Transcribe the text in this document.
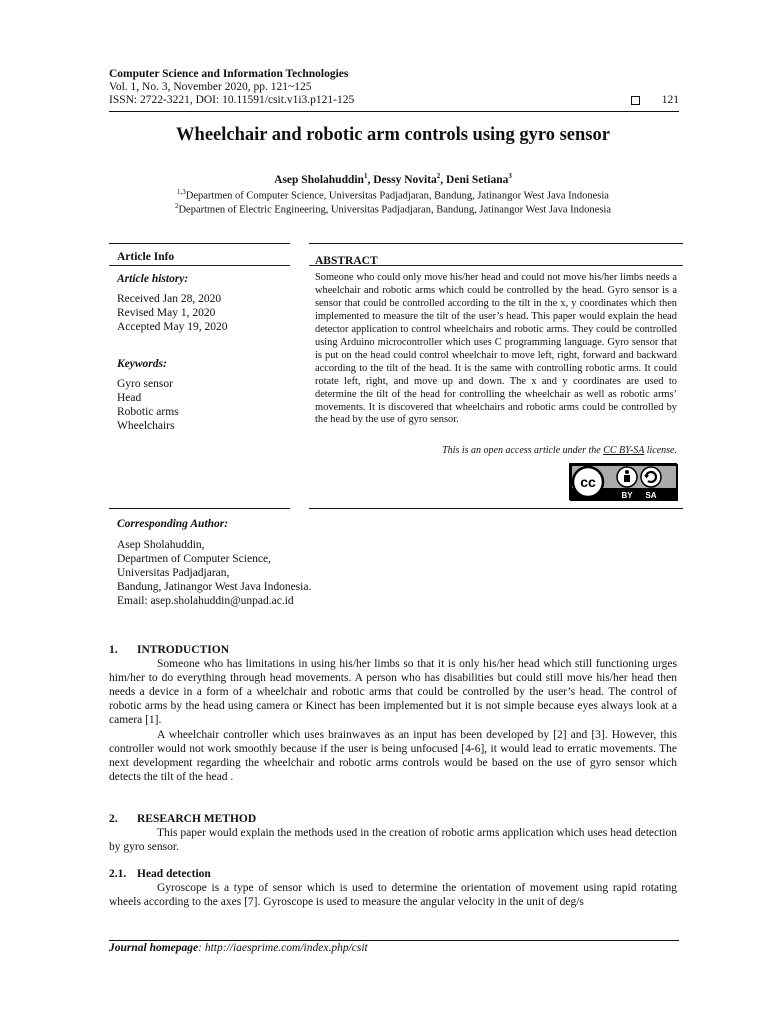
Computer Science and Information Technologies
Vol. 1, No. 3, November 2020, pp. 121~125
ISSN: 2722-3221, DOI: 10.11591/csit.v1i3.p121-125	121
Wheelchair and robotic arm controls using gyro sensor
Asep Sholahuddin$^1$, Dessy Novita$^2$, Deni Setiana$^3$
$^{1,3}$Departmen of Computer Science, Universitas Padjadjaran, Bandung, Jatinangor West Java Indonesia
$^2$Departmen of Electric Engineering, Universitas Padjadjaran, Bandung, Jatinangor West Java Indonesia
Article Info
Article history:
Received Jan 28, 2020
Revised May 1, 2020
Accepted May 19, 2020
Keywords:
Gyro sensor
Head
Robotic arms
Wheelchairs
ABSTRACT

Someone who could only move his/her head and could not move his/her limbs needs a wheelchair and robotic arms which could be controlled by the head. Gyro sensor is a sensor that could be controlled according to the tilt in the x, y coordinates which then implemented to measure the tilt of the user’s head. This paper would explain the head detector application to control wheelchairs and robotic arms. They could be controlled using Arduino microcontroller which uses C programming language. Gyro sensor that is put on the head could control wheelchair to move left, right, forward and backward according to the tilt of the head. It is the same with controlling robotic arms. It could rotate left, right, and move up and down. The x and y coordinates are used to determine the tilt of the head for controlling the wheelchair as well as robotic arms’ movements. It is discovered that wheelchairs and robotic arms could be controlled by the head by the use of gyro sensor.

This is an open access article under the CC BY-SA license.
cc
BY SA
Corresponding Author:
Asep Sholahuddin,
Departmen of Computer Science,
Universitas Padjadjaran,
Bandung, Jatinangor West Java Indonesia.
Email: asep.sholahuddin@unpad.ac.id
1.	INTRODUCTION

Someone who has limitations in using his/her limbs so that it is only his/her head which still functioning urges him/her to do everything through head movements. A person who has disabilities but could still move his/her head then needs a device in a form of a wheelchair and robotic arms that could be controlled by the user’s head. The control of robotic arms by the head using camera or Kinect has been implemented but it is not simple because eyes always look at a camera [1].

A wheelchair controller which uses brainwaves as an input has been developed by [2] and [3]. However, this controller would not work smoothly because if the user is being unfocused [4-6], it would lead to erratic movements. The next development regarding the wheelchair and robotic arms controls would be based on the use of gyro sensor which detects the tilt of the head .

2.	RESEARCH METHOD

This paper would explain the methods used in the creation of robotic arms application which uses head detection by gyro sensor.

2.1. Head detection

Gyroscope is a type of sensor which is used to determine the orientation of movement using rapid rotating wheels according to the axes [7]. Gyroscope is used to measure the angular velocity in the unit of deg/s

Journal homepage: http://iaesprime.com/index.php/csit
